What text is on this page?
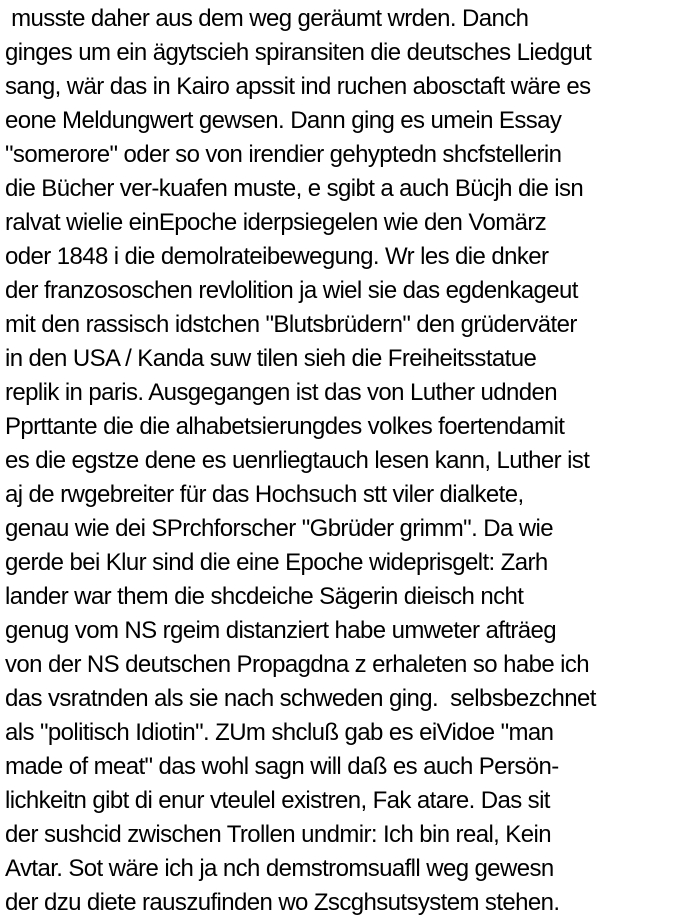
musste daher aus dem weg geräumt wrden. Danch
ginges um ein ägytscieh spiransiten die deutsches Liedgut
sang, wär das in Kairo apssit ind ruchen abosctaft wäre es
eone Meldungwert gewsen. Dann ging es umein Essay
"somerore" oder so von irendier gehyptedn shcfstellerin
die Bücher ver-kuafen muste, e sgibt a auch Bücjh die isn
ralvat wielie einEpoche iderpsiegelen wie den Vomärz
oder 1848 i die demolrateibewegung. Wr les die dnker
der franzososchen revlolition ja wiel sie das egdenkageut
mit den rassisch idstchen "Blutsbrüdern" den grüderväter
in den USA / Kanda suw tilen sieh die Freiheitsstatue
replik in paris. Ausgegangen ist das von Luther udnden
Pprttante die die alhabetsierungdes volkes foertendamit
es die egstze dene es uenrliegtauch lesen kann, Luther ist
aj de rwgebreiter für das Hochsuch stt viler dialkete,
genau wie dei SPrchforscher "Gbrüder grimm". Da wie
gerde bei Klur sind die eine Epoche wideprisgelt: Zarh
lander war them die shcdeiche Sägerin dieisch ncht
genug vom NS rgeim distanziert habe umweter afträeg
von der NS deutschen Propagdna z erhaleten so habe ich
das vsratnden als sie nach schweden ging.  selbsbezchnet
als "politisch Idiotin". ZUm shcluß gab es eiVidoe "man
made of meat" das wohl sagn will daß es auch Persön-
lichkeitn gibt di enur vteulel existren, Fak atare. Das sit
der sushcid zwischen Trollen undmir: Ich bin real, Kein
Avtar. Sot wäre ich ja nch demstromsuafll weg gewesn
der dzu diete rauszufinden wo Zscghsutsystem stehen.
